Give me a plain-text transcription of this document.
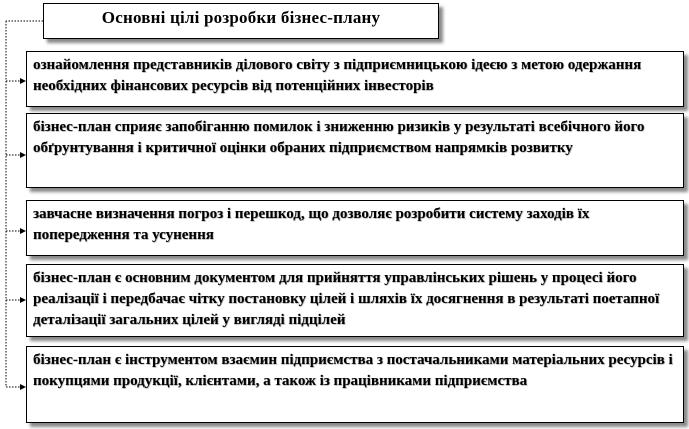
Основні цілі розробки бізнес-плану
ознайомлення представників ділового світу з підприємницькою ідеєю з метою одержання необхідних фінансових ресурсів від потенційних інвесторів
бізнес-план сприяє запобіганню помилок і зниженню ризиків у результаті всебічного його обґрунтування і критичної оцінки обраних підприємством напрямків розвитку
завчасне визначення погроз і перешкод, що дозволяє розробити систему заходів їх попередження та усунення
бізнес-план є основним документом для прийняття управлінських рішень у процесі його реалізації і передбачає чітку постановку цілей і шляхів їх досягнення в результаті поетапної деталізації загальних цілей у вигляді підцілей
бізнес-план є інструментом взаємин підприємства з постачальниками матеріальних ресурсів і покупцями продукції, клієнтами, а також із працівниками підприємства
